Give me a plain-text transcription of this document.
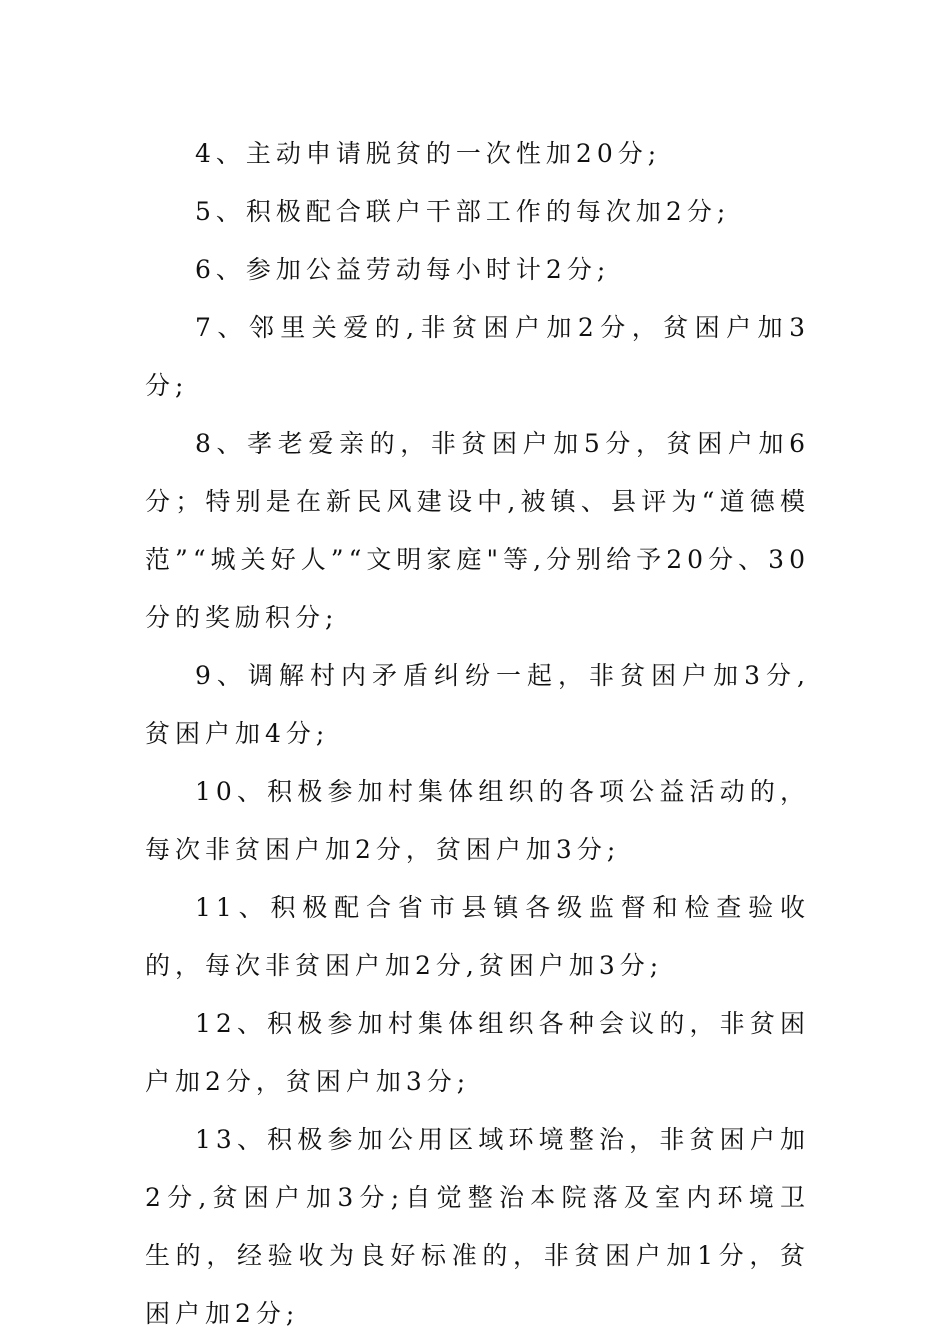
4、主动申请脱贫的一次性加20分;

5、积极配合联户干部工作的每次加2分;

6、参加公益劳动每小时计2分;

7、邻里关爱的,非贫困户加2分，贫困户加3分;

8、孝老爱亲的，非贫困户加5分，贫困户加6分；特别是在新民风建设中,被镇、县评为“道德模范”“城关好人”“文明家庭"等,分别给予20分、30分的奖励积分;

9、调解村内矛盾纠纷一起，非贫困户加3分,贫困户加4分;

10、积极参加村集体组织的各项公益活动的，每次非贫困户加2分，贫困户加3分;

11、积极配合省市县镇各级监督和检查验收的，每次非贫困户加2分,贫困户加3分;

12、积极参加村集体组织各种会议的，非贫困户加2分，贫困户加3分;

13、积极参加公用区域环境整治，非贫困户加2分,贫困户加3分;自觉整治本院落及室内环境卫生的，经验收为良好标准的，非贫困户加1分，贫困户加2分;
